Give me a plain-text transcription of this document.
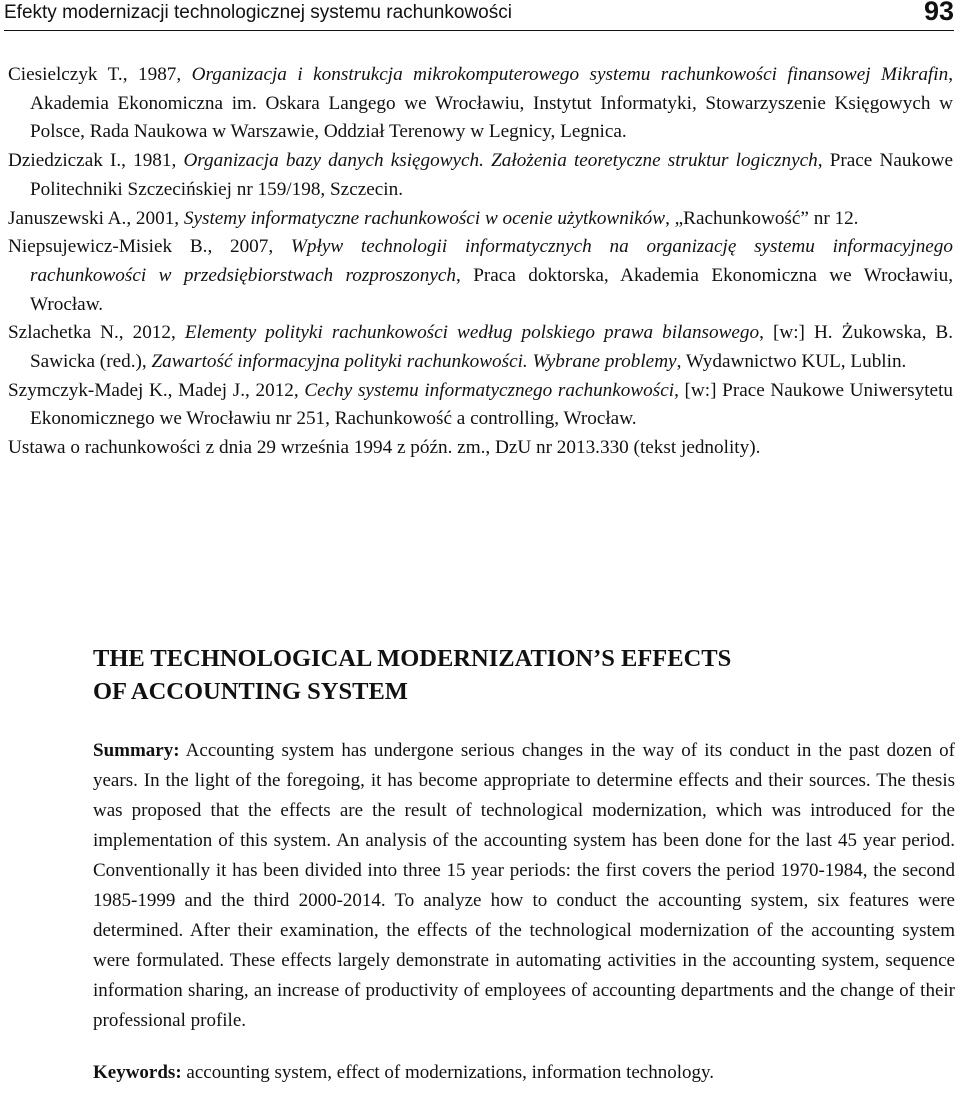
Efekty modernizacji technologicznej systemu rachunkowości	93
Ciesielczyk T., 1987, Organizacja i konstrukcja mikrokomputerowego systemu rachunkowości finansowej Mikrafin, Akademia Ekonomiczna im. Oskara Langego we Wrocławiu, Instytut Informatyki, Stowarzyszenie Księgowych w Polsce, Rada Naukowa w Warszawie, Oddział Terenowy w Legnicy, Legnica.
Dziedziczak I., 1981, Organizacja bazy danych księgowych. Założenia teoretyczne struktur logicznych, Prace Naukowe Politechniki Szczecińskiej nr 159/198, Szczecin.
Januszewski A., 2001, Systemy informatyczne rachunkowości w ocenie użytkowników, „Rachunkowość” nr 12.
Niepsujewicz-Misiek B., 2007, Wpływ technologii informatycznych na organizację systemu informacyjnego rachunkowości w przedsiębiorstwach rozproszonych, Praca doktorska, Akademia Ekonomiczna we Wrocławiu, Wrocław.
Szlachetka N., 2012, Elementy polityki rachunkowości według polskiego prawa bilansowego, [w:] H. Żukowska, B. Sawicka (red.), Zawartość informacyjna polityki rachunkowości. Wybrane problemy, Wydawnictwo KUL, Lublin.
Szymczyk-Madej K., Madej J., 2012, Cechy systemu informatycznego rachunkowości, [w:] Prace Naukowe Uniwersytetu Ekonomicznego we Wrocławiu nr 251, Rachunkowość a controlling, Wrocław.
Ustawa o rachunkowości z dnia 29 września 1994 z późn. zm., DzU nr 2013.330 (tekst jednolity).
THE TECHNOLOGICAL MODERNIZATION’S EFFECTS
OF ACCOUNTING SYSTEM
Summary: Accounting system has undergone serious changes in the way of its conduct in the past dozen of years. In the light of the foregoing, it has become appropriate to determine effects and their sources. The thesis was proposed that the effects are the result of technological modernization, which was introduced for the implementation of this system. An analysis of the accounting system has been done for the last 45 year period. Conventionally it has been divided into three 15 year periods: the first covers the period 1970-1984, the second 1985-1999 and the third 2000-2014. To analyze how to conduct the accounting system, six features were determined. After their examination, the effects of the technological modernization of the accounting system were formulated. These effects largely demonstrate in automating activities in the accounting system, sequence information sharing, an increase of productivity of employees of accounting departments and the change of their professional profile.
Keywords: accounting system, effect of modernizations, information technology.
